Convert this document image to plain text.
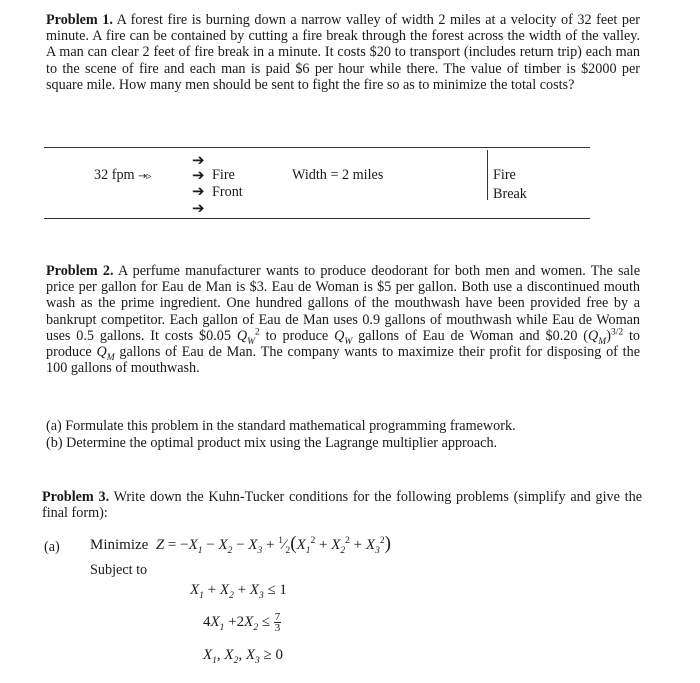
Problem 1. A forest fire is burning down a narrow valley of width 2 miles at a velocity of 32 feet per minute. A fire can be contained by cutting a fire break through the forest across the width of the valley. A man can clear 2 feet of fire break in a minute. It costs $20 to transport (includes return trip) each man to the scene of fire and each man is paid $6 per hour while there. The value of timber is $2000 per square mile. How many men should be sent to fight the fire so as to minimize the total costs?
32 fpm →▹
➔
➔
➔
➔
Fire
Front
Width = 2 miles	Fire
Break
Problem 2. A perfume manufacturer wants to produce deodorant for both men and women. The sale price per gallon for Eau de Man is $3. Eau de Woman is $5 per gallon. Both use a discontinued mouth wash as the prime ingredient. One hundred gallons of the mouthwash have been provided free by a bankrupt competitor. Each gallon of Eau de Man uses 0.9 gallons of mouthwash while Eau de Woman uses 0.5 gallons. It costs $0.05 $Q_W^2$ to produce $Q_W$ gallons of Eau de Woman and $0.20 $(Q_M)^{3/2}$ to produce $Q_M$ gallons of Eau de Man. The company wants to maximize their profit for disposing of the 100 gallons of mouthwash.
(a) Formulate this problem in the standard mathematical programming framework.
(b) Determine the optimal product mix using the Lagrange multiplier approach.
Problem 3. Write down the Kuhn-Tucker conditions for the following problems (simplify and give the final form):
(a) Minimize  $Z = -X_1 - X_2 - X_3$ + $^1⁄_2(X_1^2 + X_2^2 + X_3^2)$
Subject to
$X_1 + X_2 + X_3 \le 1$
$4X_1 +2X_2 \le \frac{7}{3}$
$X_1$, $X_2$, $X_3 \ge 0$
